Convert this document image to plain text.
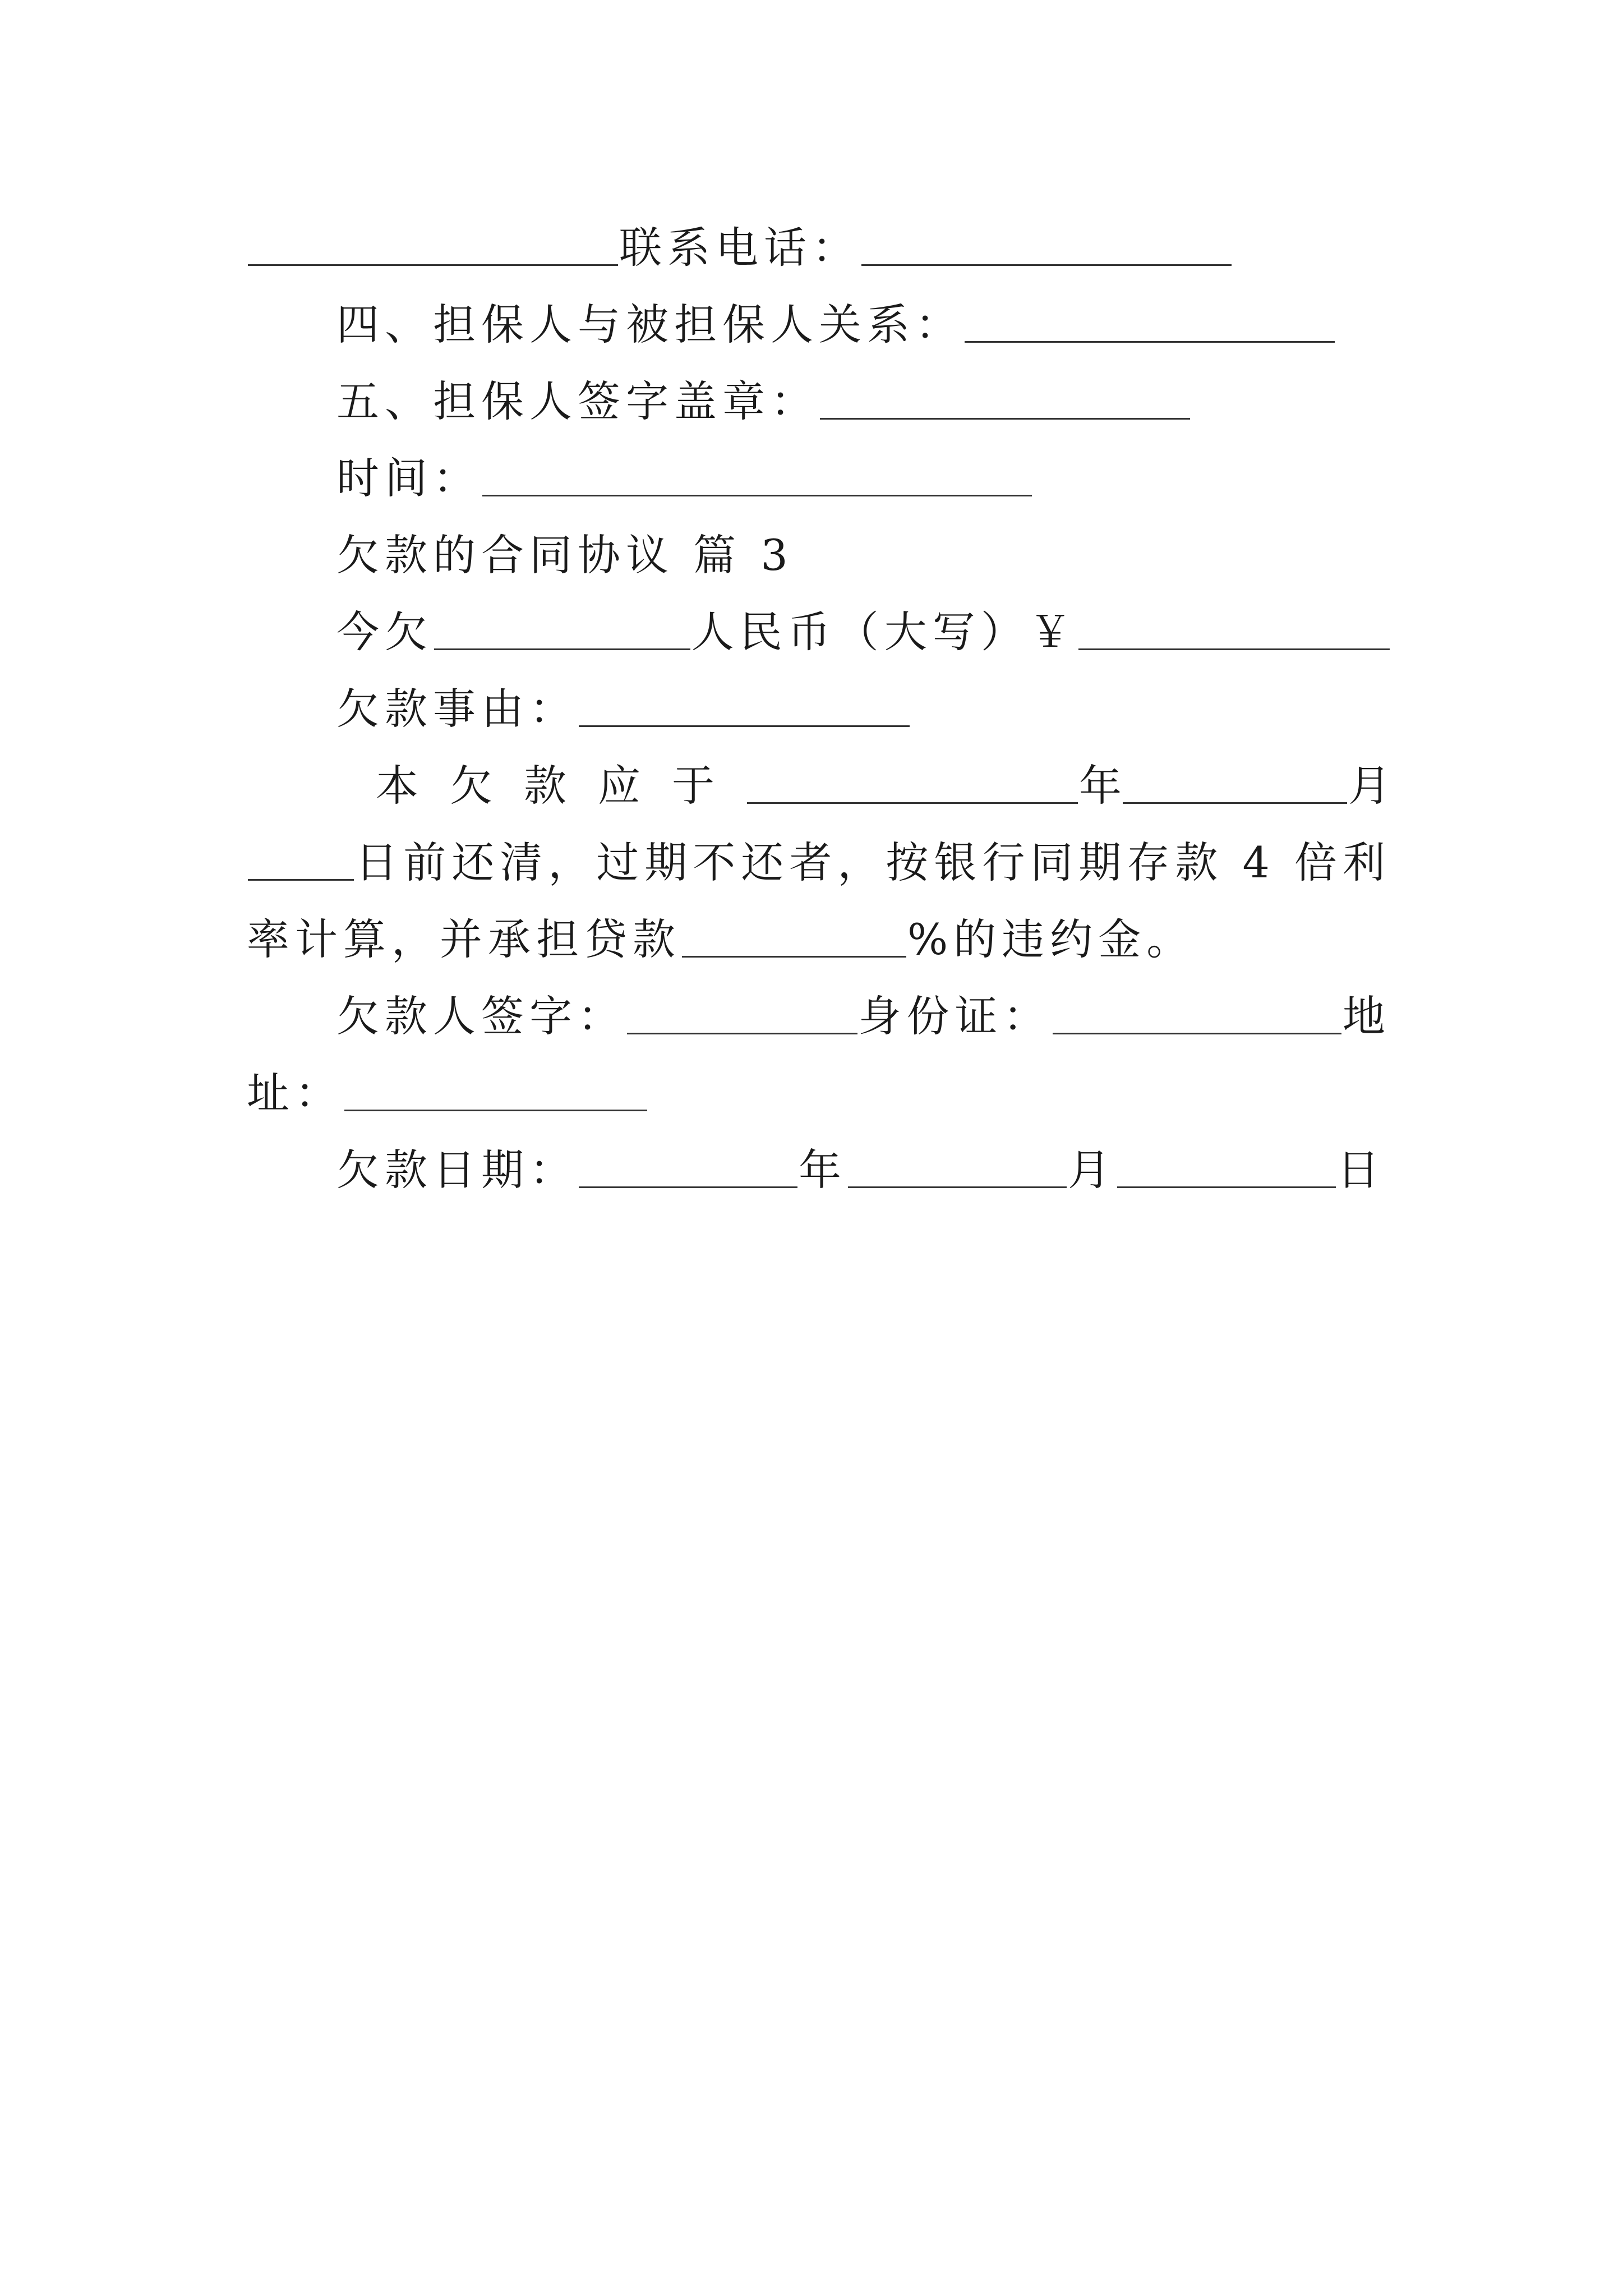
联系电话：
四、担保人与被担保人关系：
五、担保人签字盖章：
时间：
欠款的合同协议 篇 3
今欠	人民币（大写）￥
欠款事由：
本欠款应于	年	月
日前还清，过期不还者，按银行同期存款 4 倍利
率计算，并承担贷款	%的违约金。
欠款人签字：	身份证：	地
址：
欠款日期：	年	月	日
